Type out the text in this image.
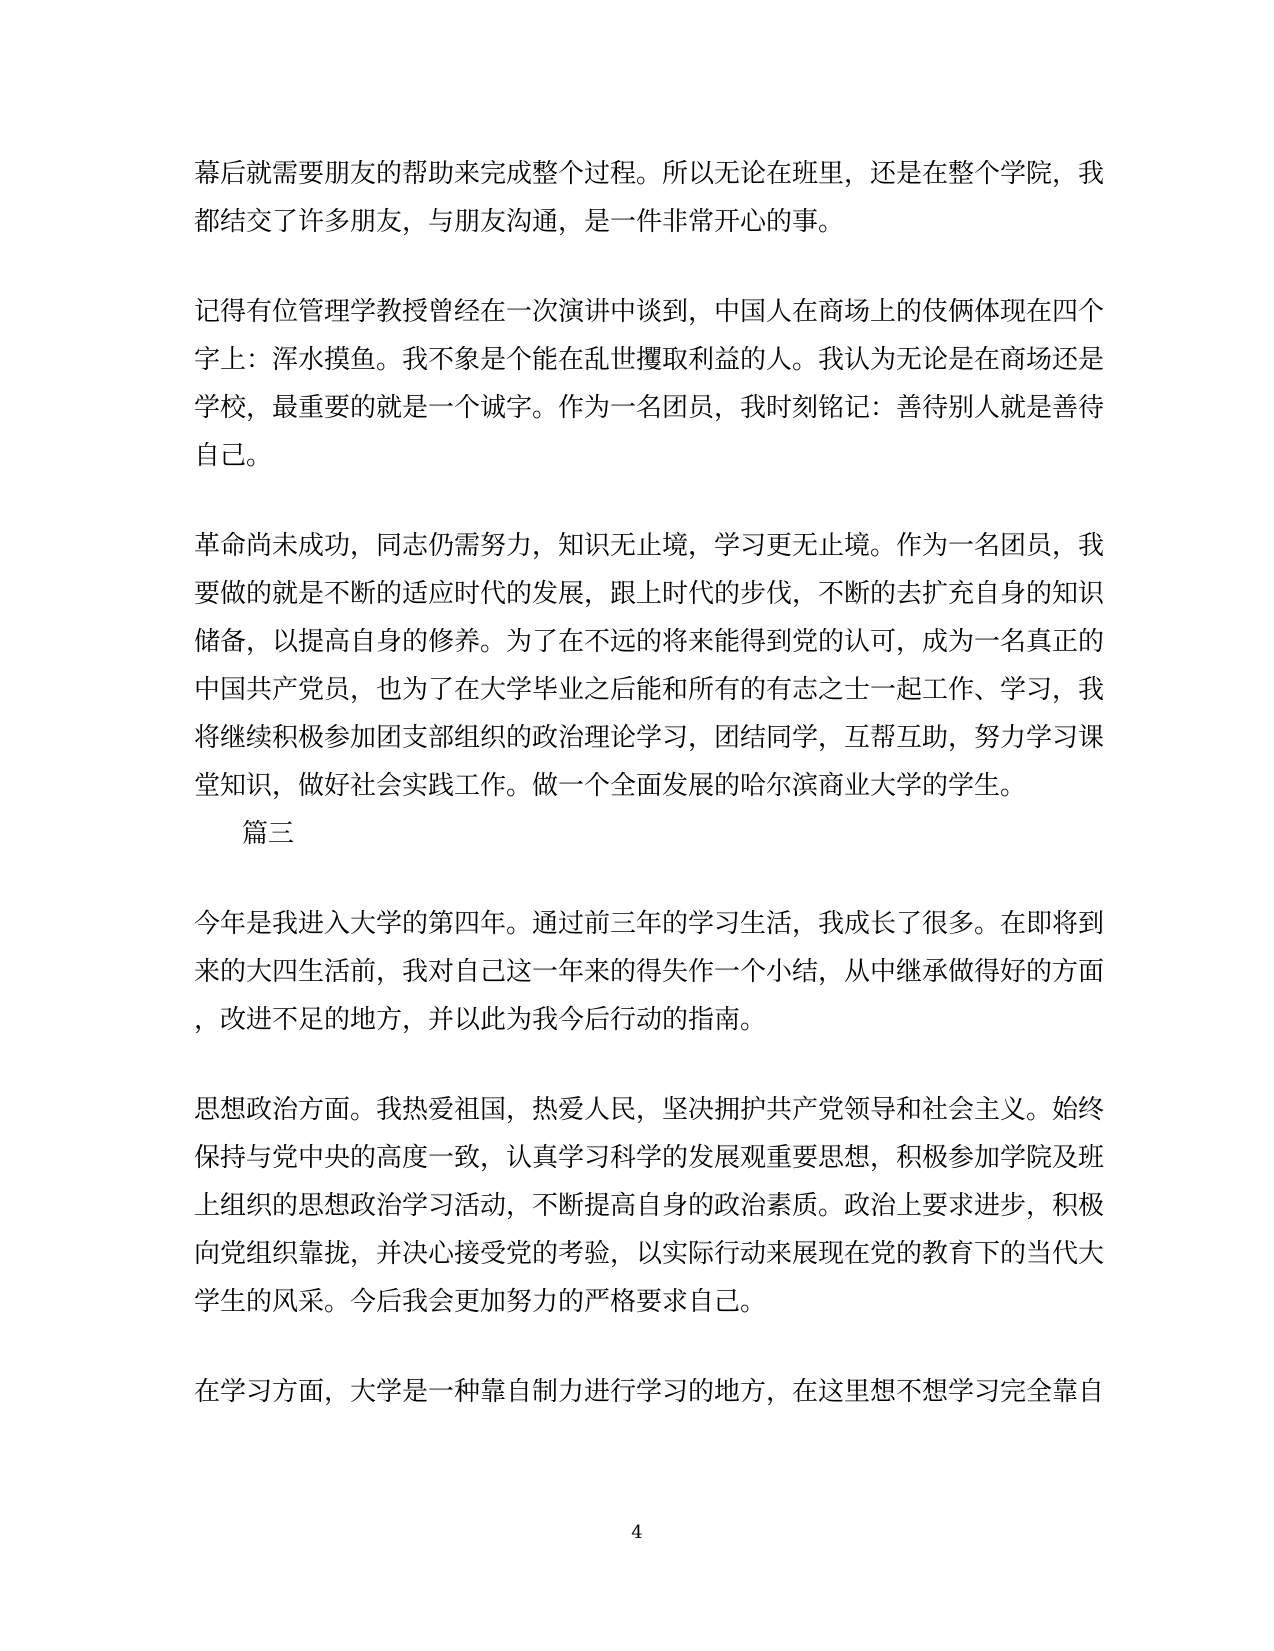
幕后就需要朋友的帮助来完成整个过程。所以无论在班里，还是在整个学院，我
都结交了许多朋友，与朋友沟通，是一件非常开心的事。
记得有位管理学教授曾经在一次演讲中谈到，中国人在商场上的伎俩体现在四个
字上：浑水摸鱼。我不象是个能在乱世攫取利益的人。我认为无论是在商场还是
学校，最重要的就是一个诚字。作为一名团员，我时刻铭记：善待别人就是善待
自己。
革命尚未成功，同志仍需努力，知识无止境，学习更无止境。作为一名团员，我
要做的就是不断的适应时代的发展，跟上时代的步伐，不断的去扩充自身的知识
储备，以提高自身的修养。为了在不远的将来能得到党的认可，成为一名真正的
中国共产党员，也为了在大学毕业之后能和所有的有志之士一起工作、学习，我
将继续积极参加团支部组织的政治理论学习，团结同学，互帮互助，努力学习课
堂知识，做好社会实践工作。做一个全面发展的哈尔滨商业大学的学生。
篇三
今年是我进入大学的第四年。通过前三年的学习生活，我成长了很多。在即将到
来的大四生活前，我对自己这一年来的得失作一个小结，从中继承做得好的方面
，改进不足的地方，并以此为我今后行动的指南。
思想政治方面。我热爱祖国，热爱人民，坚决拥护共产党领导和社会主义。始终
保持与党中央的高度一致，认真学习科学的发展观重要思想，积极参加学院及班
上组织的思想政治学习活动，不断提高自身的政治素质。政治上要求进步，积极
向党组织靠拢，并决心接受党的考验，以实际行动来展现在党的教育下的当代大
学生的风采。今后我会更加努力的严格要求自己。
在学习方面，大学是一种靠自制力进行学习的地方，在这里想不想学习完全靠自
4
